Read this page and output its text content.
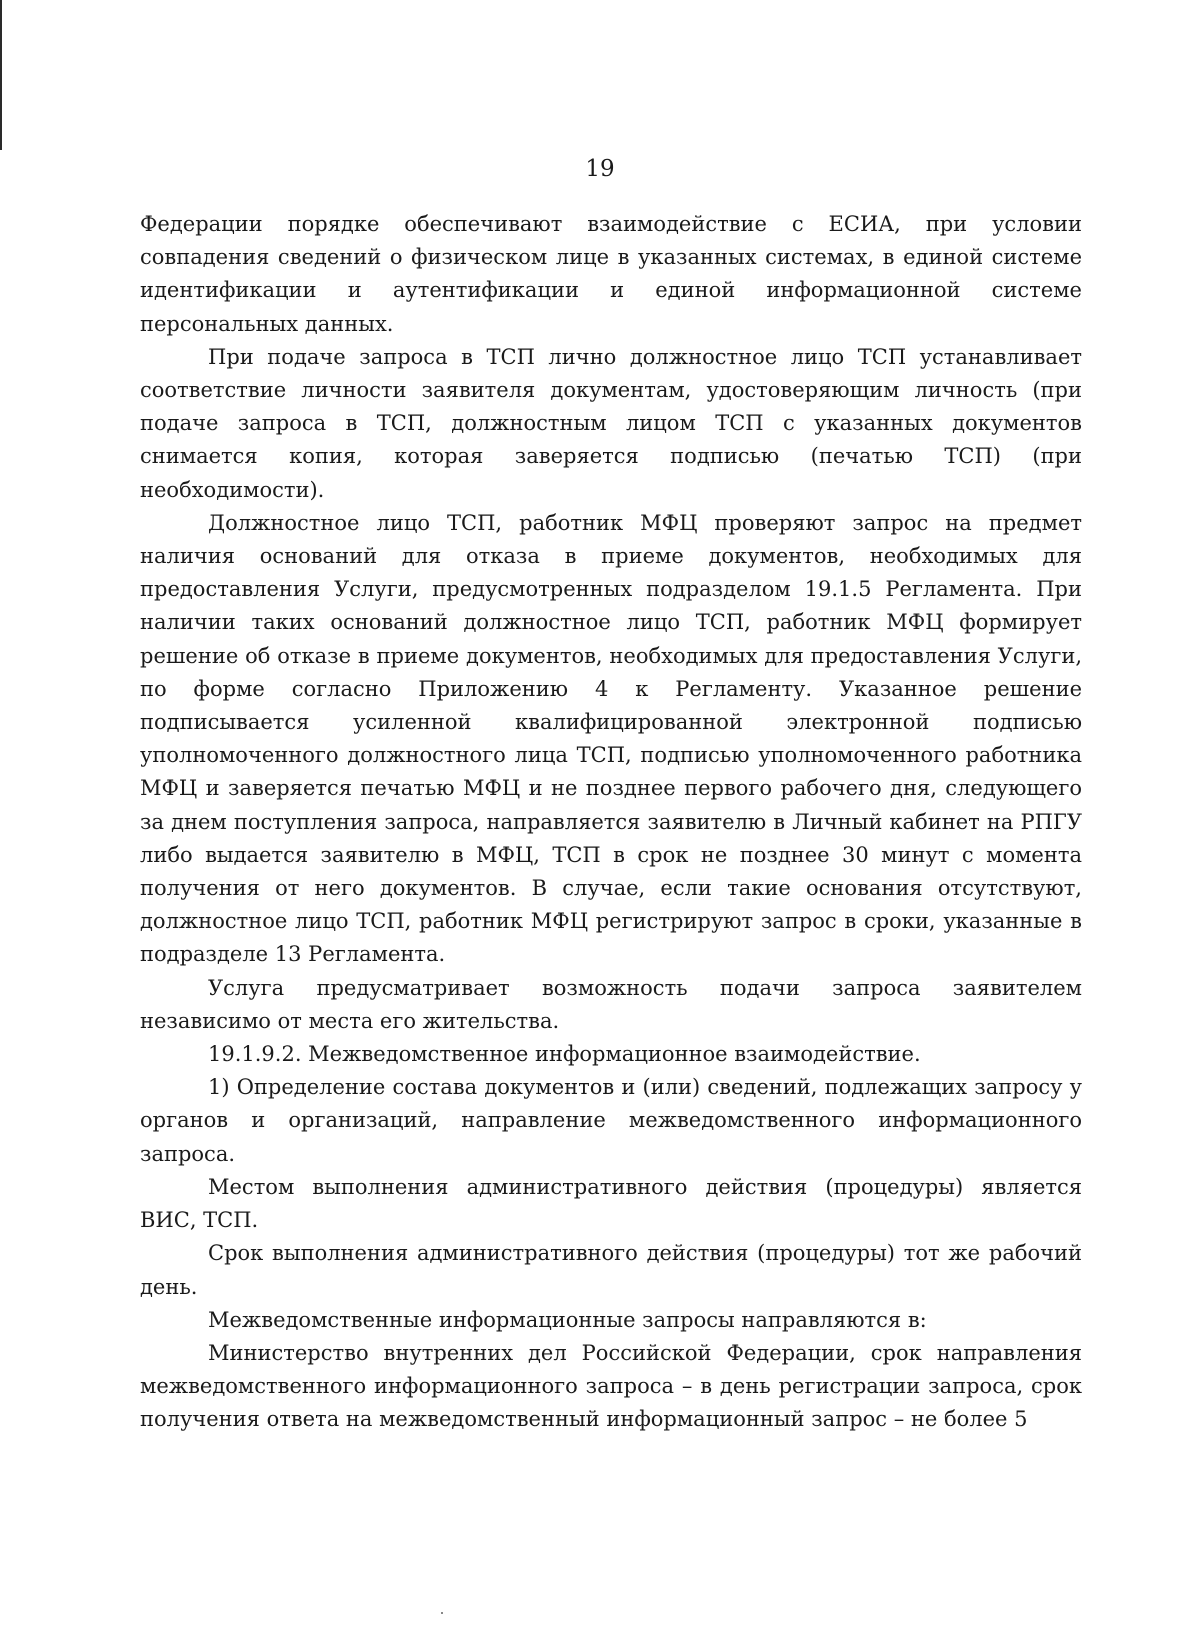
19

Федерации порядке обеспечивают взаимодействие с ЕСИА, при условии совпадения сведений о физическом лице в указанных системах, в единой системе идентификации и аутентификации и единой информационной системе персональных данных.

При подаче запроса в ТСП лично должностное лицо ТСП устанавливает соответствие личности заявителя документам, удостоверяющим личность (при подаче запроса в ТСП, должностным лицом ТСП с указанных документов снимается копия, которая заверяется подписью (печатью ТСП) (при необходимости).

Должностное лицо ТСП, работник МФЦ проверяют запрос на предмет наличия оснований для отказа в приеме документов, необходимых для предоставления Услуги, предусмотренных подразделом 19.1.5 Регламента. При наличии таких оснований должностное лицо ТСП, работник МФЦ формирует решение об отказе в приеме документов, необходимых для предоставления Услуги, по форме согласно Приложению 4 к Регламенту. Указанное решение подписывается усиленной квалифицированной электронной подписью уполномоченного должностного лица ТСП, подписью уполномоченного работника МФЦ и заверяется печатью МФЦ и не позднее первого рабочего дня, следующего за днем поступления запроса, направляется заявителю в Личный кабинет на РПГУ либо выдается заявителю в МФЦ, ТСП в срок не позднее 30 минут с момента получения от него документов. В случае, если такие основания отсутствуют, должностное лицо ТСП, работник МФЦ регистрируют запрос в сроки, указанные в подразделе 13 Регламента.

Услуга предусматривает возможность подачи запроса заявителем независимо от места его жительства.

19.1.9.2. Межведомственное информационное взаимодействие.

1) Определение состава документов и (или) сведений, подлежащих запросу у органов и организаций, направление межведомственного информационного запроса.

Местом выполнения административного действия (процедуры) является ВИС, ТСП.

Срок выполнения административного действия (процедуры) тот же рабочий день.

Межведомственные информационные запросы направляются в:

Министерство внутренних дел Российской Федерации, срок направления межведомственного информационного запроса – в день регистрации запроса, срок получения ответа на межведомственный информационный запрос – не более 5
